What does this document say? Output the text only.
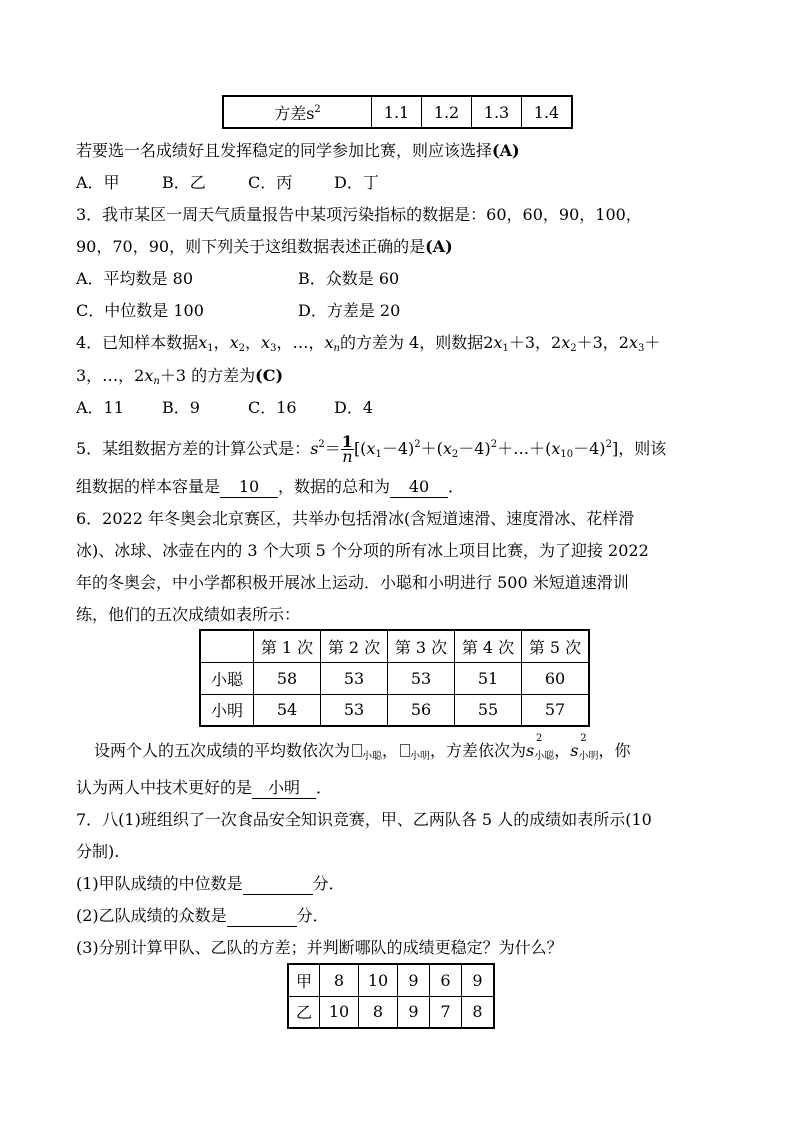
方差$s^2$	1.1	1.2	1.3	1.4
若要选一名成绩好且发挥稳定的同学参加比赛，则应该选择(A)
A．甲	B．乙	C．丙	D．丁
3．我市某区一周天气质量报告中某项污染指标的数据是：60，60，90，100，
90，70，90，则下列关于这组数据表述正确的是(A)
A．平均数是 80	B．众数是 60
C．中位数是 100	D．方差是 20
4．已知样本数据$x_1$，$x_2$，$x_3$，…，$x_n$的方差为 4，则数据$2x_1+3$，$2x_2+3$，$2x_3+$
3，…，$2x_n+3$ 的方差为(C)
A．11 B．9	C．16 D．4
5．某组数据方差的计算公式是：$s^2= \frac{1}{n}$ $[(x_1-4)^2+(x_2-4)^2+\dots+(x_{10}-4)^2]$，则该
组数据的样本容量是 10 ，数据的总和为 40 ．
6．2022 年冬奥会北京赛区，共举办包括滑冰(含短道速滑、速度滑冰、花样滑
冰)、冰球、冰壶在内的 3 个大项 5 个分项的所有冰上项目比赛，为了迎接 2022
年的冬奥会，中小学都积极开展冰上运动．小聪和小明进行 500 米短道速滑训
练，他们的五次成绩如表所示：
	第 1 次	第 2 次	第 3 次	第 4 次	第 5 次
小聪	58	53	53	51	60
小明	54	53	56	55	57
设两个人的五次成绩的平均数依次为 $_{小聪}$， $_{小明}$，方差依次为s
2
$_{小聪}$，s
2
$_{小明}$，你
认为两人中技术更好的是 小明 ．
7．八(1)班组织了一次食品安全知识竞赛，甲、乙两队各 5 人的成绩如表所示(10
分制).
(1)甲队成绩的中位数是	分．
(2)乙队成绩的众数是	分．
(3)分别计算甲队、乙队的方差；并判断哪队的成绩更稳定？为什么？
甲	8	10	9	6	9
乙	10	8	9	7	8
